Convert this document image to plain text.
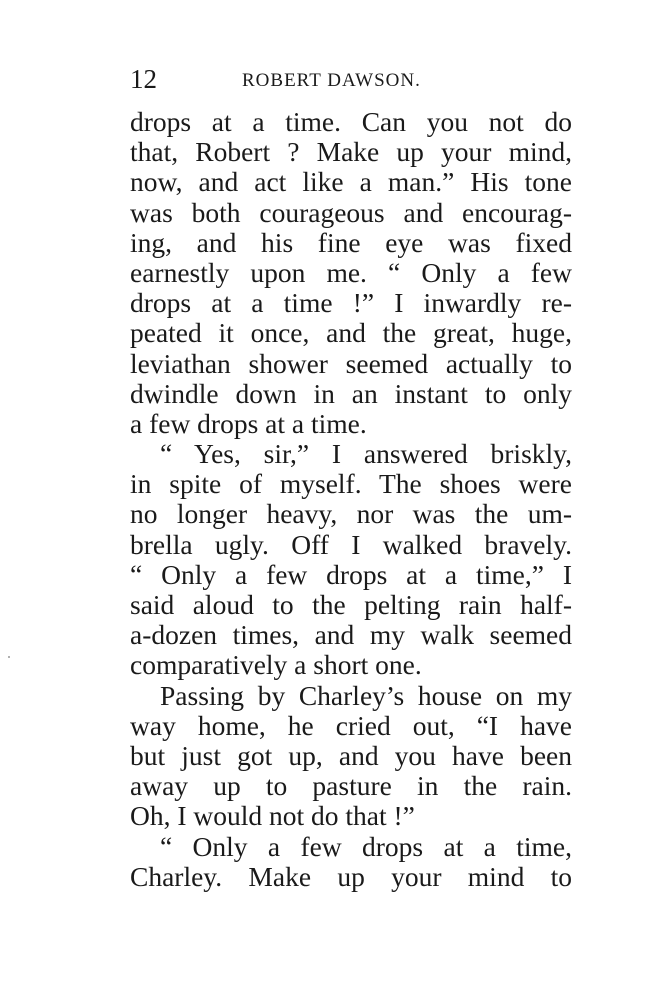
12	ROBERT DAWSON.
drops at a time. Can you not do
that, Robert ? Make up your mind,
now, and act like a man.” His tone
was both courageous and encourag-
ing, and his fine eye was fixed
earnestly upon me. “ Only a few
drops at a time !” I inwardly re-
peated it once, and the great, huge,
leviathan shower seemed actually to
dwindle down in an instant to only
a few drops at a time.
“ Yes, sir,” I answered briskly,
in spite of myself. The shoes were
no longer heavy, nor was the um-
brella ugly. Off I walked bravely.
“ Only a few drops at a time,” I
said aloud to the pelting rain half-
a-dozen times, and my walk seemed
comparatively a short one.
Passing by Charley’s house on my
way home, he cried out, “I have
but just got up, and you have been
away up to pasture in the rain.
Oh, I would not do that !”
“ Only a few drops at a time,
Charley. Make up your mind to
